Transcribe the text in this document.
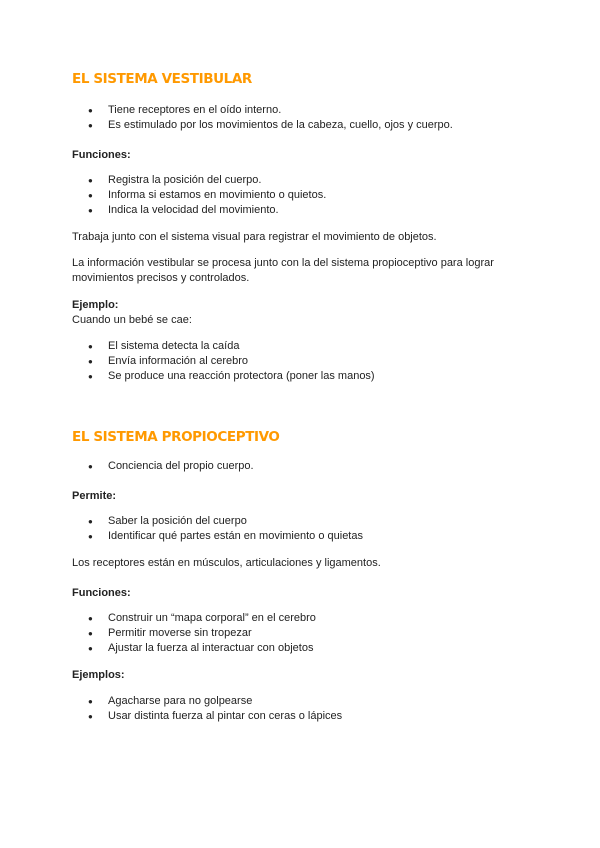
EL SISTEMA VESTIBULAR
● Tiene receptores en el oído interno.
● Es estimulado por los movimientos de la cabeza, cuello, ojos y cuerpo.

Funciones:

● Registra la posición del cuerpo.
● Informa si estamos en movimiento o quietos.
● Indica la velocidad del movimiento.

Trabaja junto con el sistema visual para registrar el movimiento de objetos.

La información vestibular se procesa junto con la del sistema propioceptivo para lograr

movimientos precisos y controlados.

Ejemplo:

Cuando un bebé se cae:

● El sistema detecta la caída
● Envía información al cerebro
● Se produce una reacción protectora (poner las manos)
EL SISTEMA PROPIOCEPTIVO
● Conciencia del propio cuerpo.

Permite:

● Saber la posición del cuerpo
● Identificar qué partes están en movimiento o quietas

Los receptores están en músculos, articulaciones y ligamentos.

Funciones:

● Construir un “mapa corporal” en el cerebro
● Permitir moverse sin tropezar
● Ajustar la fuerza al interactuar con objetos

Ejemplos:

● Agacharse para no golpearse
● Usar distinta fuerza al pintar con ceras o lápices
